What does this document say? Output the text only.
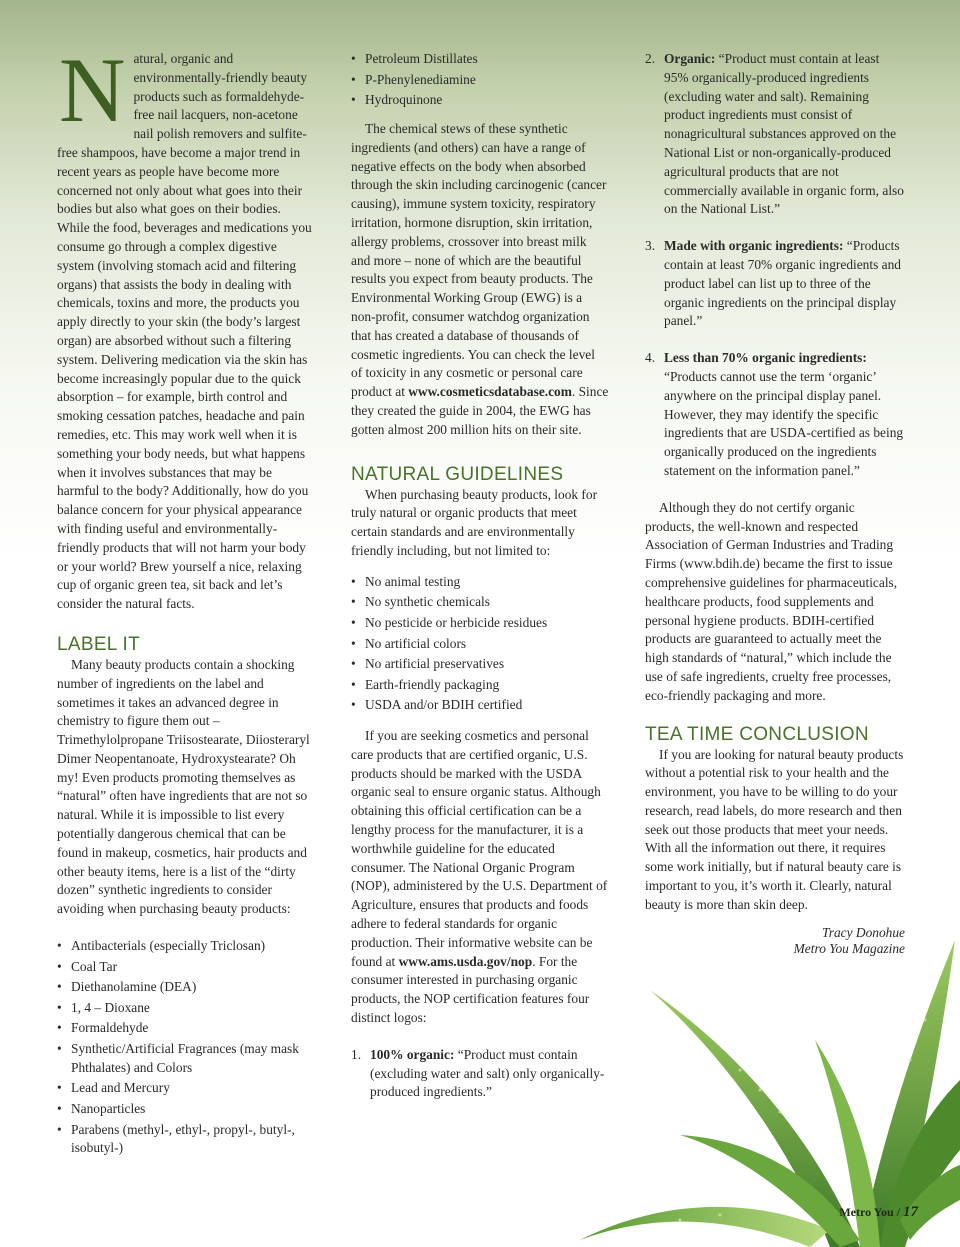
Natural, organic and environmentally-friendly beauty products such as formaldehyde-free nail lacquers, non-acetone nail polish removers and sulfite-free shampoos, have become a major trend in recent years as people have become more concerned not only about what goes into their bodies but also what goes on their bodies. While the food, beverages and medications you consume go through a complex digestive system (involving stomach acid and filtering organs) that assists the body in dealing with chemicals, toxins and more, the products you apply directly to your skin (the body’s largest organ) are absorbed without such a filtering system. Delivering medication via the skin has become increasingly popular due to the quick absorption – for example, birth control and smoking cessation patches, headache and pain remedies, etc. This may work well when it is something your body needs, but what happens when it involves substances that may be harmful to the body? Additionally, how do you balance concern for your physical appearance with finding useful and environmentally-friendly products that will not harm your body or your world? Brew yourself a nice, relaxing cup of organic green tea, sit back and let’s consider the natural facts.

LABEL IT

Many beauty products contain a shocking number of ingredients on the label and sometimes it takes an advanced degree in chemistry to figure them out – Trimethylolpropane Triisostearate, Diiosteraryl Dimer Neopentanoate, Hydroxystearate? Oh my! Even products promoting themselves as “natural” often have ingredients that are not so natural. While it is impossible to list every potentially dangerous chemical that can be found in makeup, cosmetics, hair products and other beauty items, here is a list of the “dirty dozen” synthetic ingredients to consider avoiding when purchasing beauty products:

• Antibacterials (especially Triclosan)
• Coal Tar
• Diethanolamine (DEA)
• 1, 4 – Dioxane
• Formaldehyde
• Synthetic/Artificial Fragrances (may mask Phthalates) and Colors
• Lead and Mercury
• Nanoparticles
• Parabens (methyl-, ethyl-, propyl-, butyl-, isobutyl-)
• Petroleum Distillates
• P-Phenylenediamine
• Hydroquinone

The chemical stews of these synthetic ingredients (and others) can have a range of negative effects on the body when absorbed through the skin including carcinogenic (cancer causing), immune system toxicity, respiratory irritation, hormone disruption, skin irritation, allergy problems, crossover into breast milk and more – none of which are the beautiful results you expect from beauty products. The Environmental Working Group (EWG) is a non-profit, consumer watchdog organization that has created a database of thousands of cosmetic ingredients. You can check the level of toxicity in any cosmetic or personal care product at www.cosmeticsdatabase.com. Since they created the guide in 2004, the EWG has gotten almost 200 million hits on their site.

NATURAL GUIDELINES

When purchasing beauty products, look for truly natural or organic products that meet certain standards and are environmentally friendly including, but not limited to:

• No animal testing
• No synthetic chemicals
• No pesticide or herbicide residues
• No artificial colors
• No artificial preservatives
• Earth-friendly packaging
• USDA and/or BDIH certified

If you are seeking cosmetics and personal care products that are certified organic, U.S. products should be marked with the USDA organic seal to ensure organic status. Although obtaining this official certification can be a lengthy process for the manufacturer, it is a worthwhile guideline for the educated consumer. The National Organic Program (NOP), administered by the U.S. Department of Agriculture, ensures that products and foods adhere to federal standards for organic production. Their informative website can be found at www.ams.usda.gov/nop. For the consumer interested in purchasing organic products, the NOP certification features four distinct logos:

1. 100% organic: “Product must contain (excluding water and salt) only organically-produced ingredients.”
2. Organic: “Product must contain at least 95% organically-produced ingredients (excluding water and salt). Remaining product ingredients must consist of nonagricultural substances approved on the National List or non-organically-produced agricultural products that are not commercially available in organic form, also on the National List.”
3. Made with organic ingredients: “Products contain at least 70% organic ingredients and product label can list up to three of the organic ingredients on the principal display panel.”
4. Less than 70% organic ingredients: “Products cannot use the term ‘organic’ anywhere on the principal display panel. However, they may identify the specific ingredients that are USDA-certified as being organically produced on the ingredients statement on the information panel.”

Although they do not certify organic products, the well-known and respected Association of German Industries and Trading Firms (www.bdih.de) became the first to issue comprehensive guidelines for pharmaceuticals, healthcare products, food supplements and personal hygiene products. BDIH-certified products are guaranteed to actually meet the high standards of “natural,” which include the use of safe ingredients, cruelty free processes, eco-friendly packaging and more.

TEA TIME CONCLUSION

If you are looking for natural beauty products without a potential risk to your health and the environment, you have to be willing to do your research, read labels, do more research and then seek out those products that meet your needs. With all the information out there, it requires some work initially, but if natural beauty care is important to you, it’s worth it. Clearly, natural beauty is more than skin deep.

Tracy Donohue

Metro You Magazine

Metro You / 17
